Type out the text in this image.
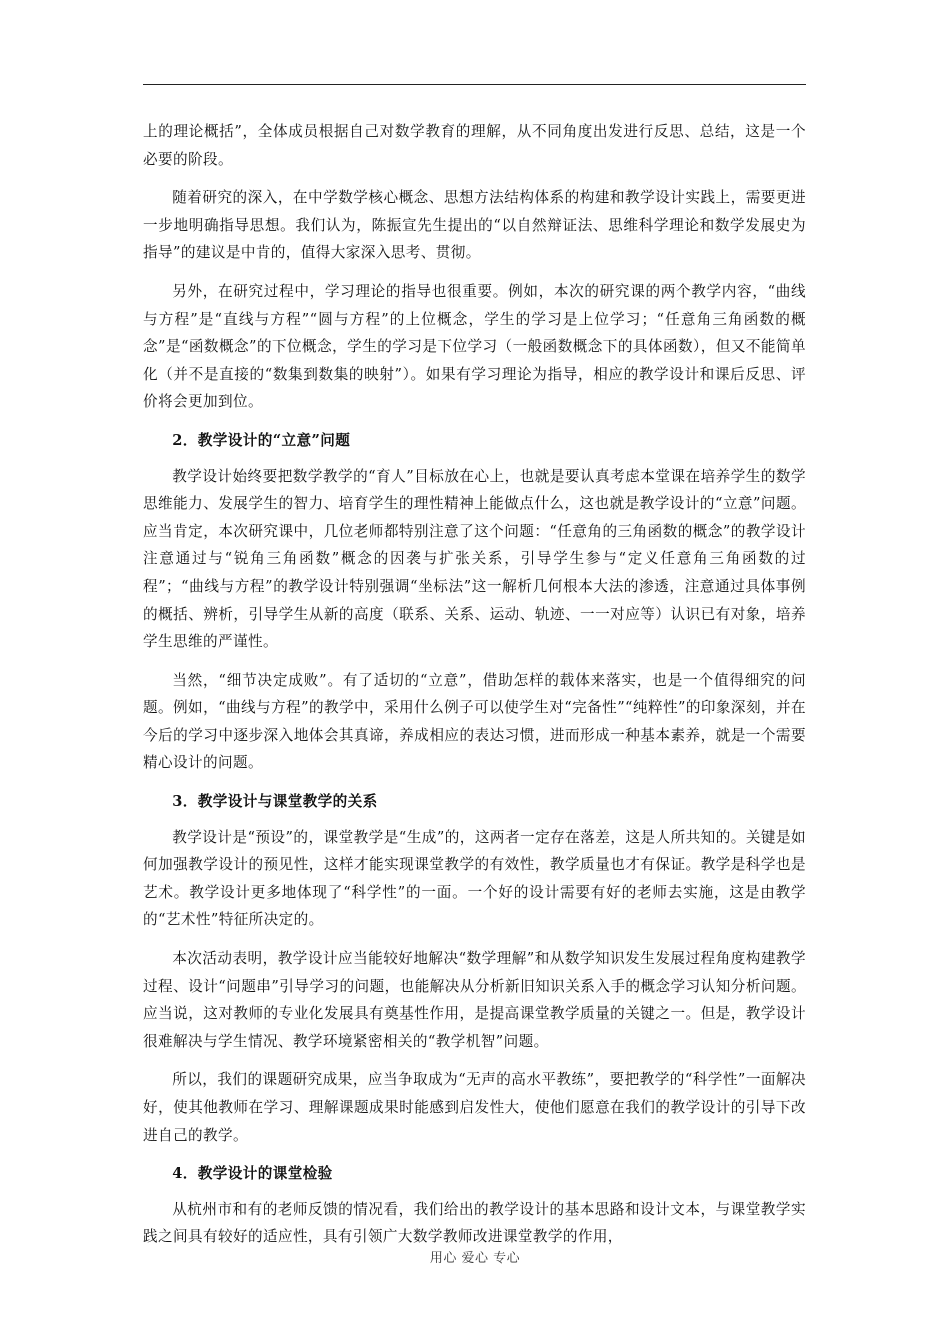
上的理论概括”，全体成员根据自己对数学教育的理解，从不同角度出发进行反思、总结，这是一个必要的阶段。

随着研究的深入，在中学数学核心概念、思想方法结构体系的构建和教学设计实践上，需要更进一步地明确指导思想。我们认为，陈振宣先生提出的“以自然辩证法、思维科学理论和数学发展史为指导”的建议是中肯的，值得大家深入思考、贯彻。

另外，在研究过程中，学习理论的指导也很重要。例如，本次的研究课的两个教学内容，“曲线与方程”是“直线与方程”“圆与方程”的上位概念，学生的学习是上位学习；“任意角三角函数的概念”是“函数概念”的下位概念，学生的学习是下位学习（一般函数概念下的具体函数），但又不能简单化（并不是直接的“数集到数集的映射”）。如果有学习理论为指导，相应的教学设计和课后反思、评价将会更加到位。

2．教学设计的“立意”问题

教学设计始终要把数学教学的“育人”目标放在心上，也就是要认真考虑本堂课在培养学生的数学思维能力、发展学生的智力、培育学生的理性精神上能做点什么，这也就是教学设计的“立意”问题。应当肯定，本次研究课中，几位老师都特别注意了这个问题：“任意角的三角函数的概念”的教学设计注意通过与“锐角三角函数”概念的因袭与扩张关系，引导学生参与“定义任意角三角函数的过程”；“曲线与方程”的教学设计特别强调“坐标法”这一解析几何根本大法的渗透，注意通过具体事例的概括、辨析，引导学生从新的高度（联系、关系、运动、轨迹、一一对应等）认识已有对象，培养学生思维的严谨性。

当然，“细节决定成败”。有了适切的“立意”，借助怎样的载体来落实，也是一个值得细究的问题。例如，“曲线与方程”的教学中，采用什么例子可以使学生对“完备性”“纯粹性”的印象深刻，并在今后的学习中逐步深入地体会其真谛，养成相应的表达习惯，进而形成一种基本素养，就是一个需要精心设计的问题。

3．教学设计与课堂教学的关系

教学设计是“预设”的，课堂教学是“生成”的，这两者一定存在落差，这是人所共知的。关键是如何加强教学设计的预见性，这样才能实现课堂教学的有效性，教学质量也才有保证。教学是科学也是艺术。教学设计更多地体现了“科学性”的一面。一个好的设计需要有好的老师去实施，这是由教学的“艺术性”特征所决定的。

本次活动表明，教学设计应当能较好地解决“数学理解”和从数学知识发生发展过程角度构建教学过程、设计“问题串”引导学习的问题，也能解决从分析新旧知识关系入手的概念学习认知分析问题。应当说，这对教师的专业化发展具有奠基性作用，是提高课堂教学质量的关键之一。但是，教学设计很难解决与学生情况、教学环境紧密相关的“教学机智”问题。

所以，我们的课题研究成果，应当争取成为“无声的高水平教练”，要把教学的“科学性”一面解决好，使其他教师在学习、理解课题成果时能感到启发性大，使他们愿意在我们的教学设计的引导下改进自己的教学。

4．教学设计的课堂检验

从杭州市和有的老师反馈的情况看，我们给出的教学设计的基本思路和设计文本，与课堂教学实践之间具有较好的适应性，具有引领广大数学教师改进课堂教学的作用，

用心 爱心 专心
